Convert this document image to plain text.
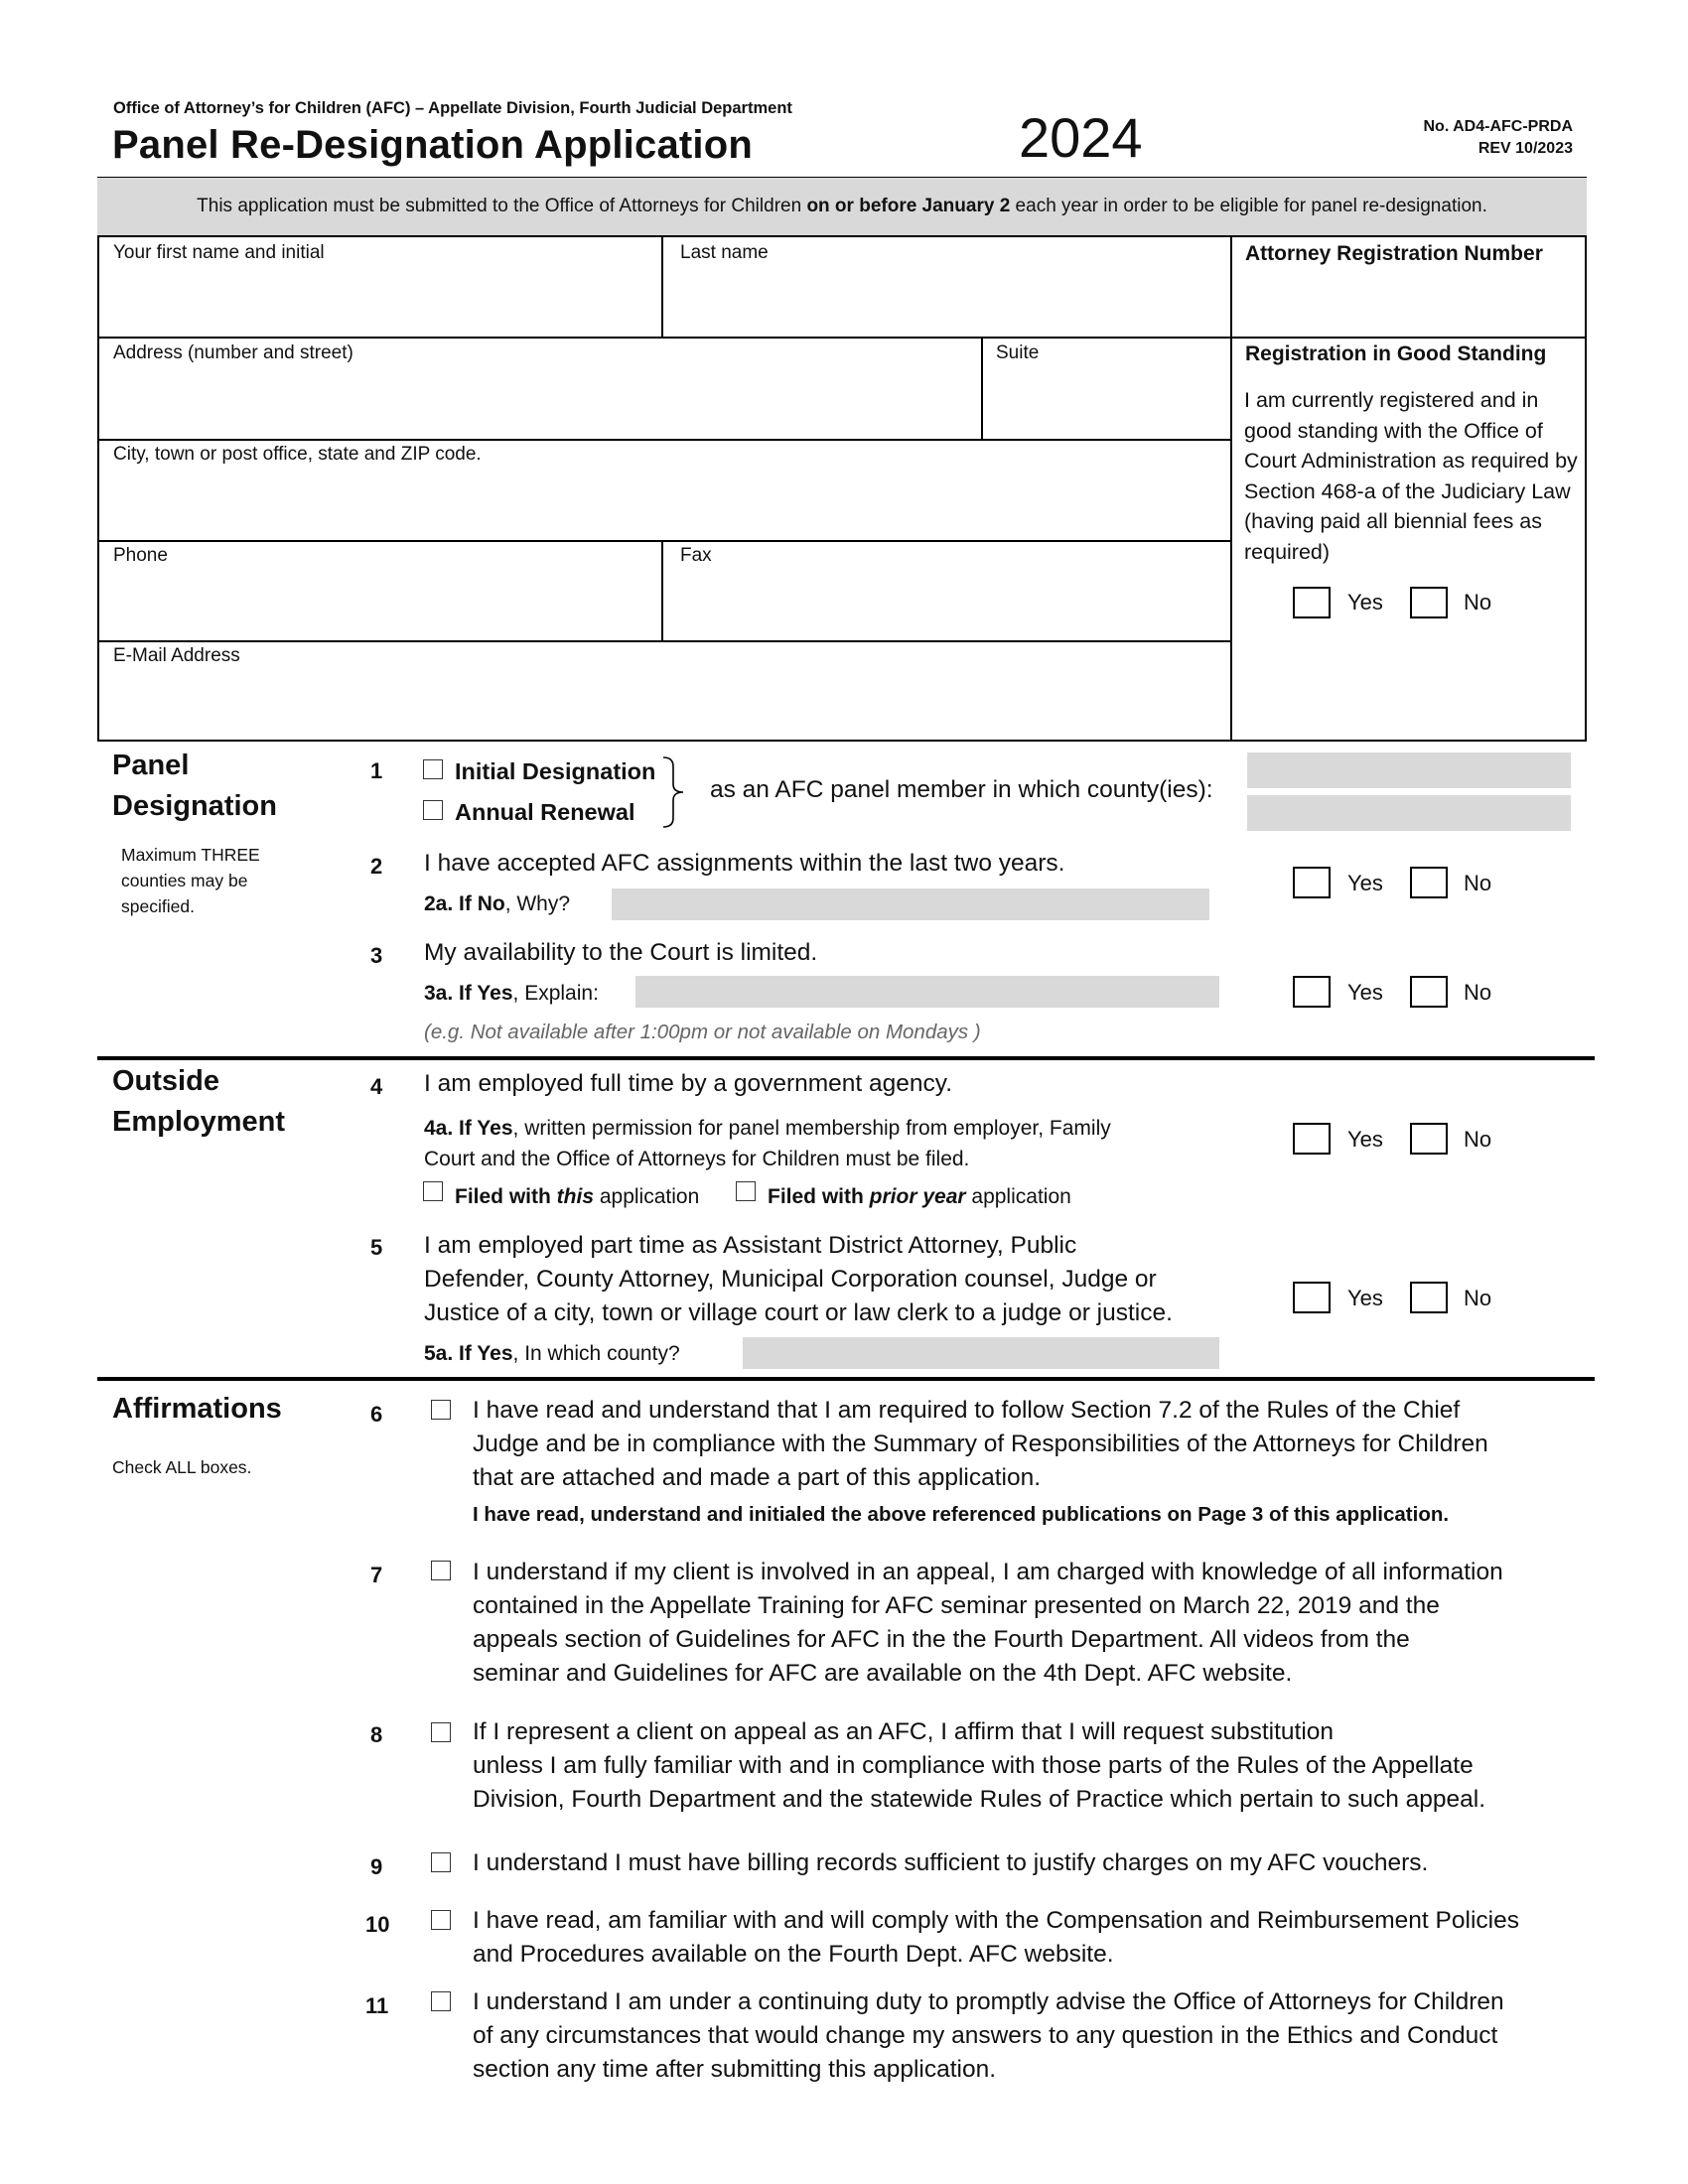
Office of Attorney’s for Children (AFC) – Appellate Division, Fourth Judicial Department
Panel Re-Designation Application	2024	No. AD4-AFC-PRDA
REV 10/2023
This application must be submitted to the Office of Attorneys for Children on or before January 2 each year in order to be eligible for panel re-designation.
Your first name and initial	Last name	Attorney Registration Number
Address (number and street)	Suite	Registration in Good Standing
I am currently registered and in good standing with the Office of Court Administration as required by Section 468-a of the Judiciary Law (having paid all biennial fees as required)
Yes	No
City, town or post office, state and ZIP code.
Phone	Fax
E-Mail Address
Panel
Designation
Maximum THREE counties may be specified.
1	Initial Designation
Annual Renewal
as an AFC panel member in which county(ies):
2 I have accepted AFC assignments within the last two years.
2a. If No, Why?
Yes	No
3 My availability to the Court is limited.
3a. If Yes, Explain:
(e.g. Not available after 1:00pm or not available on Mondays )
Yes	No
Outside
Employment
4 I am employed full time by a government agency.
4a. If Yes, written permission for panel membership from employer, Family
Court and the Office of Attorneys for Children must be filed.
Filed with this application	Filed with prior year application
Yes	No
5 I am employed part time as Assistant District Attorney, Public
Defender, County Attorney, Municipal Corporation counsel, Judge or
Justice of a city, town or village court or law clerk to a judge or justice.
5a. If Yes, In which county?
Yes	No
Affirmations
Check ALL boxes.
6	I have read and understand that I am required to follow Section 7.2 of the Rules of the Chief
Judge and be in compliance with the Summary of Responsibilities of the Attorneys for Children
that are attached and made a part of this application.
I have read, understand and initialed the above referenced publications on Page 3 of this application.
7	I understand if my client is involved in an appeal, I am charged with knowledge of all information
contained in the Appellate Training for AFC seminar presented on March 22, 2019 and the
appeals section of Guidelines for AFC in the the Fourth Department. All videos from the
seminar and Guidelines for AFC are available on the 4th Dept. AFC website.
8	If I represent a client on appeal as an AFC, I affirm that I will request substitution
unless I am fully familiar with and in compliance with those parts of the Rules of the Appellate
Division, Fourth Department and the statewide Rules of Practice which pertain to such appeal.
9	I understand I must have billing records sufficient to justify charges on my AFC vouchers.
10	I have read, am familiar with and will comply with the Compensation and Reimbursement Policies
and Procedures available on the Fourth Dept. AFC website.
11	I understand I am under a continuing duty to promptly advise the Office of Attorneys for Children
of any circumstances that would change my answers to any question in the Ethics and Conduct
section any time after submitting this application.
